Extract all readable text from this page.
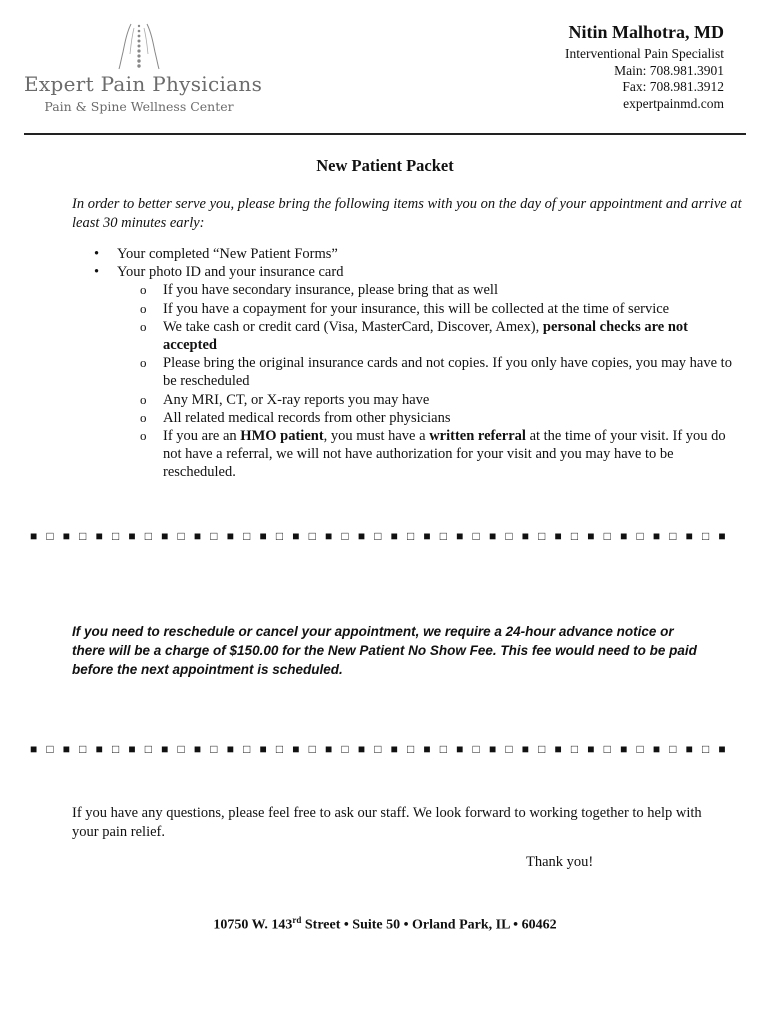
Expert Pain Physicians
Pain & Spine Wellness Center
Nitin Malhotra, MD
Interventional Pain Specialist
Main: 708.981.3901
Fax: 708.981.3912
expertpainmd.com
New Patient Packet
In order to better serve you, please bring the following items with you on the day of your appointment and arrive at least 30 minutes early:
• Your completed “New Patient Forms”
• Your photo ID and your insurance card
o If you have secondary insurance, please bring that as well
o If you have a copayment for your insurance, this will be collected at the time of service
o We take cash or credit card (Visa, MasterCard, Discover, Amex), personal checks are not accepted
o Please bring the original insurance cards and not copies. If you only have copies, you may have to be rescheduled
o Any MRI, CT, or X-ray reports you may have
o All related medical records from other physicians
o If you are an HMO patient, you must have a written referral at the time of your visit. If you do not have a referral, we will not have authorization for your visit and you may have to be rescheduled.
■ □ ■ □ ■ □ ■ □ ■ □ ■ □ ■ □ ■ □ ■ □ ■ □ ■ □ ■ □ ■ □ ■ □ ■ □ ■ □ ■ □ ■ □ ■ □ ■ □ ■ □ ■
If you need to reschedule or cancel your appointment, we require a 24-hour advance notice or there will be a charge of $150.00 for the New Patient No Show Fee. This fee would need to be paid before the next appointment is scheduled.
■ □ ■ □ ■ □ ■ □ ■ □ ■ □ ■ □ ■ □ ■ □ ■ □ ■ □ ■ □ ■ □ ■ □ ■ □ ■ □ ■ □ ■ □ ■ □ ■ □ ■ □ ■
If you have any questions, please feel free to ask our staff. We look forward to working together to help with your pain relief.
Thank you!
10750 W. 143rd Street • Suite 50 • Orland Park, IL • 60462
